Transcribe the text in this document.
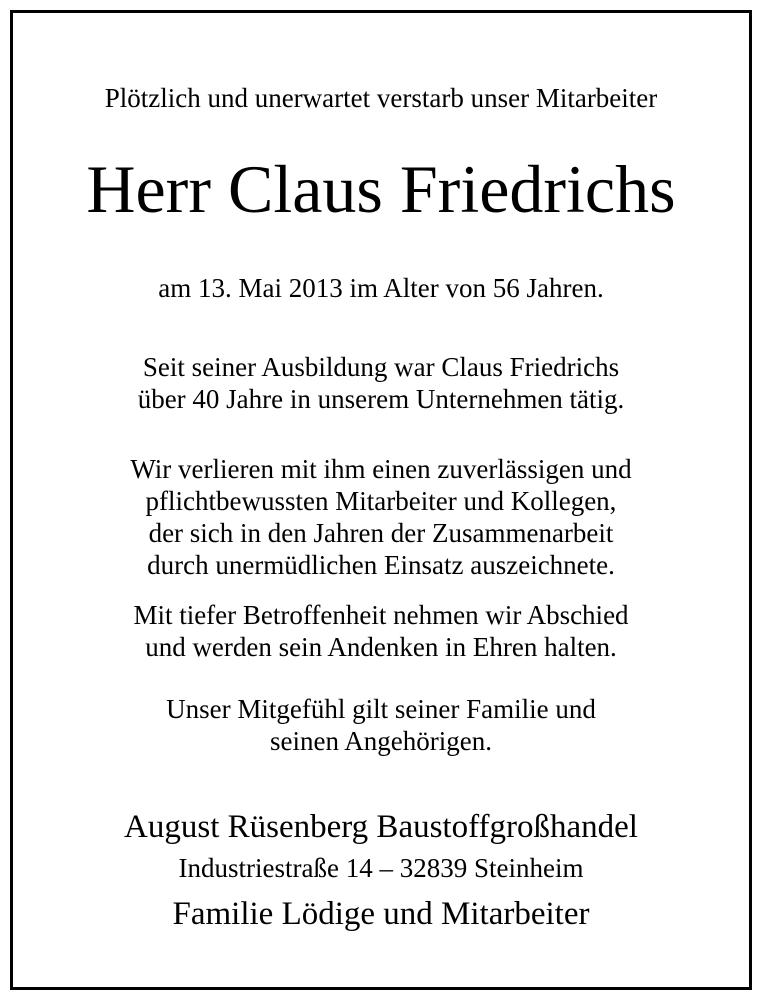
Plötzlich und unerwartet verstarb unser Mitarbeiter

Herr Claus Friedrichs

am 13. Mai 2013 im Alter von 56 Jahren.

Seit seiner Ausbildung war Claus Friedrichs
über 40 Jahre in unserem Unternehmen tätig.
Wir verlieren mit ihm einen zuverlässigen und
pflichtbewussten Mitarbeiter und Kollegen,
der sich in den Jahren der Zusammenarbeit
durch unermüdlichen Einsatz auszeichnete.
Mit tiefer Betroffenheit nehmen wir Abschied
und werden sein Andenken in Ehren halten.
Unser Mitgefühl gilt seiner Familie und
seinen Angehörigen.

August Rüsenberg Baustoffgroßhandel

Industriestraße 14 – 32839 Steinheim

Familie Lödige und Mitarbeiter
